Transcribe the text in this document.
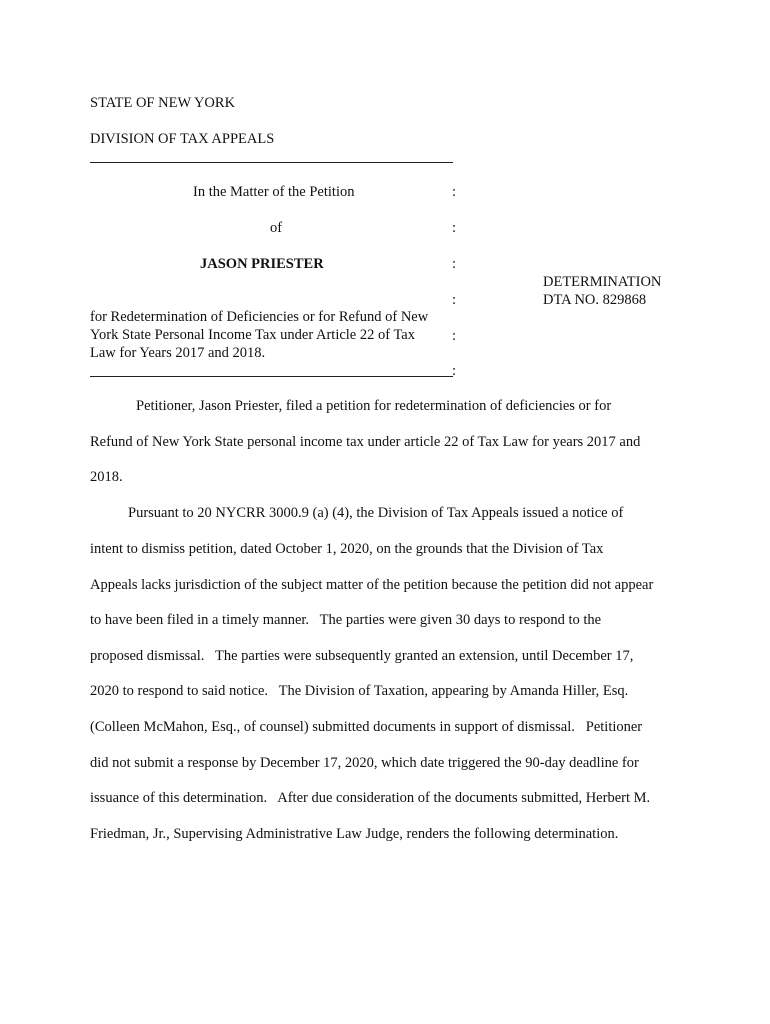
STATE OF NEW YORK
DIVISION OF TAX APPEALS
In the Matter of the Petition	:
of	:
JASON PRIESTER	:
DETERMINATION
DTA NO. 829868
:
for Redetermination of Deficiencies or for Refund of New
York State Personal Income Tax under Article 22 of Tax	:
Law for Years 2017 and 2018.
:
Petitioner, Jason Priester, filed a petition for redetermination of deficiencies or for
Refund of New York State personal income tax under article 22 of Tax Law for years 2017 and
2018.
Pursuant to 20 NYCRR 3000.9 (a) (4), the Division of Tax Appeals issued a notice of
intent to dismiss petition, dated October 1, 2020, on the grounds that the Division of Tax
Appeals lacks jurisdiction of the subject matter of the petition because the petition did not appear
to have been filed in a timely manner.   The parties were given 30 days to respond to the
proposed dismissal.   The parties were subsequently granted an extension, until December 17,
2020 to respond to said notice.   The Division of Taxation, appearing by Amanda Hiller, Esq.
(Colleen McMahon, Esq., of counsel) submitted documents in support of dismissal.   Petitioner
did not submit a response by December 17, 2020, which date triggered the 90-day deadline for
issuance of this determination.   After due consideration of the documents submitted, Herbert M.
Friedman, Jr., Supervising Administrative Law Judge, renders the following determination.
